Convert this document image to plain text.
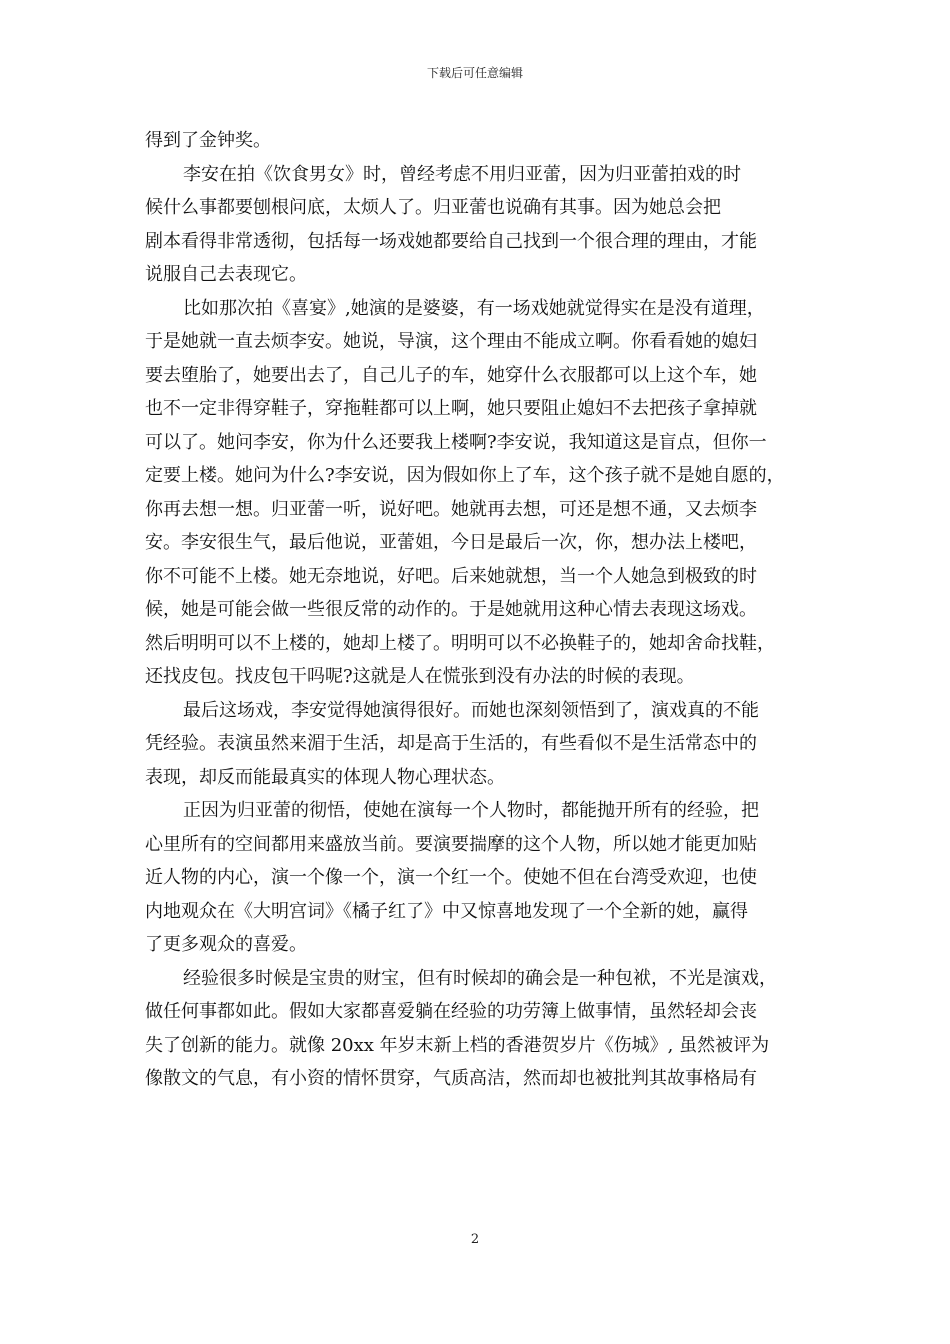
下载后可任意编辑
得到了金钟奖。
李安在拍《饮食男女》时，曾经考虑不用归亚蕾，因为归亚蕾拍戏的时
候什么事都要刨根问底，太烦人了。归亚蕾也说确有其事。因为她总会把
剧本看得非常透彻，包括每一场戏她都要给自己找到一个很合理的理由，才能
说服自己去表现它。
比如那次拍《喜宴》,她演的是婆婆，有一场戏她就觉得实在是没有道理，
于是她就一直去烦李安。她说，导演，这个理由不能成立啊。你看看她的媳妇
要去堕胎了，她要出去了，自己儿子的车，她穿什么衣服都可以上这个车，她
也不一定非得穿鞋子，穿拖鞋都可以上啊，她只要阻止媳妇不去把孩子拿掉就
可以了。她问李安，你为什么还要我上楼啊?李安说，我知道这是盲点，但你一
定要上楼。她问为什么?李安说，因为假如你上了车，这个孩子就不是她自愿的，
你再去想一想。归亚蕾一听，说好吧。她就再去想，可还是想不通，又去烦李
安。李安很生气，最后他说，亚蕾姐，今日是最后一次，你，想办法上楼吧，
你不可能不上楼。她无奈地说，好吧。后来她就想，当一个人她急到极致的时
候，她是可能会做一些很反常的动作的。于是她就用这种心情去表现这场戏。
然后明明可以不上楼的，她却上楼了。明明可以不必换鞋子的，她却舍命找鞋，
还找皮包。找皮包干吗呢?这就是人在慌张到没有办法的时候的表现。
最后这场戏，李安觉得她演得很好。而她也深刻领悟到了，演戏真的不能
凭经验。表演虽然来湄于生活，却是高于生活的，有些看似不是生活常态中的
表现，却反而能最真实的体现人物心理状态。
正因为归亚蕾的彻悟，使她在演每一个人物时，都能抛开所有的经验，把
心里所有的空间都用来盛放当前。要演要揣摩的这个人物，所以她才能更加贴
近人物的内心，演一个像一个，演一个红一个。使她不但在台湾受欢迎，也使
内地观众在《大明宫词》《橘子红了》中又惊喜地发现了一个全新的她，赢得
了更多观众的喜爱。
经验很多时候是宝贵的财宝，但有时候却的确会是一种包袱，不光是演戏，
做任何事都如此。假如大家都喜爱躺在经验的功劳簿上做事情，虽然轻却会丧
失了创新的能力。就像 20xx 年岁末新上档的香港贺岁片《伤城》, 虽然被评为
像散文的气息，有小资的情怀贯穿，气质高洁，然而却也被批判其故事格局有
2
